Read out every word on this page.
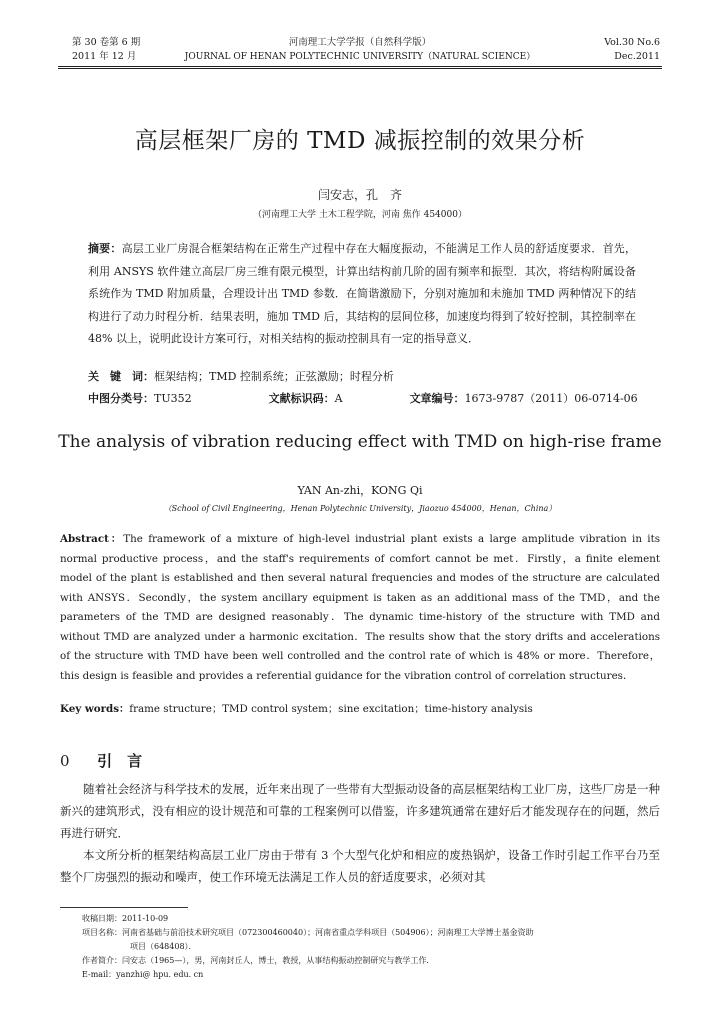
第 30 卷第 6 期
2011 年 12 月
河南理工大学学报（自然科学版）
JOURNAL OF HENAN POLYTECHNIC UNIVERSITY（NATURAL SCIENCE）
Vol.30 No.6
Dec.2011
高层框架厂房的 TMD 减振控制的效果分析
闫安志，孔　齐
（河南理工大学 土木工程学院，河南 焦作 454000）
摘要：高层工业厂房混合框架结构在正常生产过程中存在大幅度振动，不能满足工作人员的舒适度要求．首先，利用 ANSYS 软件建立高层厂房三维有限元模型，计算出结构前几阶的固有频率和振型．其次，将结构附属设备系统作为 TMD 附加质量，合理设计出 TMD 参数．在简谐激励下，分别对施加和未施加 TMD 两种情况下的结构进行了动力时程分析．结果表明，施加 TMD 后，其结构的层间位移，加速度均得到了较好控制，其控制率在 48% 以上，说明此设计方案可行，对相关结构的振动控制具有一定的指导意义．
关　键　词：框架结构；TMD 控制系统；正弦激励；时程分析
中图分类号：TU352	文献标识码：A	文章编号：1673-9787（2011）06-0714-06
The analysis of vibration reducing effect with TMD on high-rise frame
YAN An-zhi，KONG Qi
（School of Civil Engineering，Henan Polytechnic University，Jiaozuo 454000，Henan，China）
Abstract：The framework of a mixture of high-level industrial plant exists a large amplitude vibration in its normal productive process，and the staff's requirements of comfort cannot be met．Firstly，a finite element model of the plant is established and then several natural frequencies and modes of the structure are calculated with ANSYS．Secondly，the system ancillary equipment is taken as an additional mass of the TMD，and the parameters of the TMD are designed reasonably．The dynamic time-history of the structure with TMD and without TMD are analyzed under a harmonic excitation．The results show that the story drifts and accelerations of the structure with TMD have been well controlled and the control rate of which is 48% or more．Therefore，this design is feasible and provides a referential guidance for the vibration control of correlation structures．
Key words：frame structure；TMD control system；sine excitation；time-history analysis
0 引　言
随着社会经济与科学技术的发展，近年来出现了一些带有大型振动设备的高层框架结构工业厂房，这些厂房是一种新兴的建筑形式，没有相应的设计规范和可靠的工程案例可以借鉴，许多建筑通常在建好后才能发现存在的问题，然后再进行研究．
本文所分析的框架结构高层工业厂房由于带有 3 个大型气化炉和相应的废热锅炉，设备工作时引起工作平台乃至整个厂房强烈的振动和噪声，使工作环境无法满足工作人员的舒适度要求，必须对其
收稿日期：2011-10-09
项目名称：河南省基础与前沿技术研究项目（072300460040）；河南省重点学科项目（504906）；河南理工大学博士基金资助
项目（648408）．
作者简介：闫安志（1965—），男，河南封丘人，博士，教授，从事结构振动控制研究与教学工作．
E-mail：yanzhi@ hpu. edu. cn
